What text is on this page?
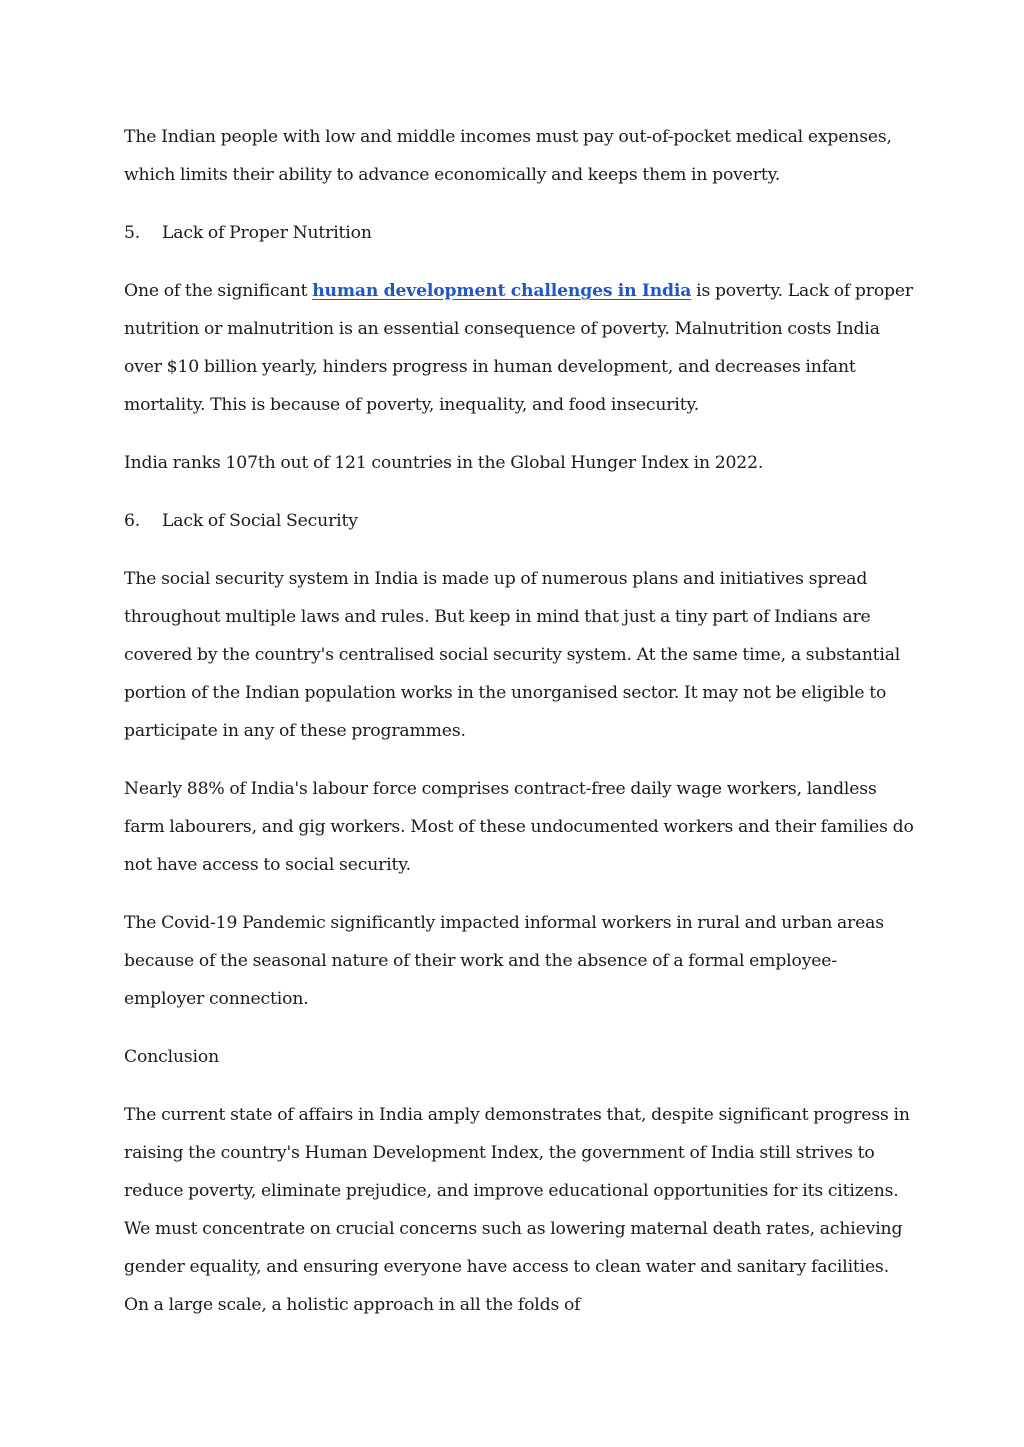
The Indian people with low and middle incomes must pay out-of-pocket medical expenses, which limits their ability to advance economically and keeps them in poverty.

5. Lack of Proper Nutrition

One of the significant human development challenges in India is poverty. Lack of proper nutrition or malnutrition is an essential consequence of poverty. Malnutrition costs India over $10 billion yearly, hinders progress in human development, and decreases infant mortality. This is because of poverty, inequality, and food insecurity.

India ranks 107th out of 121 countries in the Global Hunger Index in 2022.

6. Lack of Social Security

The social security system in India is made up of numerous plans and initiatives spread throughout multiple laws and rules. But keep in mind that just a tiny part of Indians are covered by the country's centralised social security system. At the same time, a substantial portion of the Indian population works in the unorganised sector. It may not be eligible to participate in any of these programmes.

Nearly 88% of India's labour force comprises contract-free daily wage workers, landless farm labourers, and gig workers. Most of these undocumented workers and their families do not have access to social security.

The Covid-19 Pandemic significantly impacted informal workers in rural and urban areas because of the seasonal nature of their work and the absence of a formal employee-employer connection.

Conclusion

The current state of affairs in India amply demonstrates that, despite significant progress in raising the country's Human Development Index, the government of India still strives to reduce poverty, eliminate prejudice, and improve educational opportunities for its citizens. We must concentrate on crucial concerns such as lowering maternal death rates, achieving gender equality, and ensuring everyone have access to clean water and sanitary facilities. On a large scale, a holistic approach in all the folds of
